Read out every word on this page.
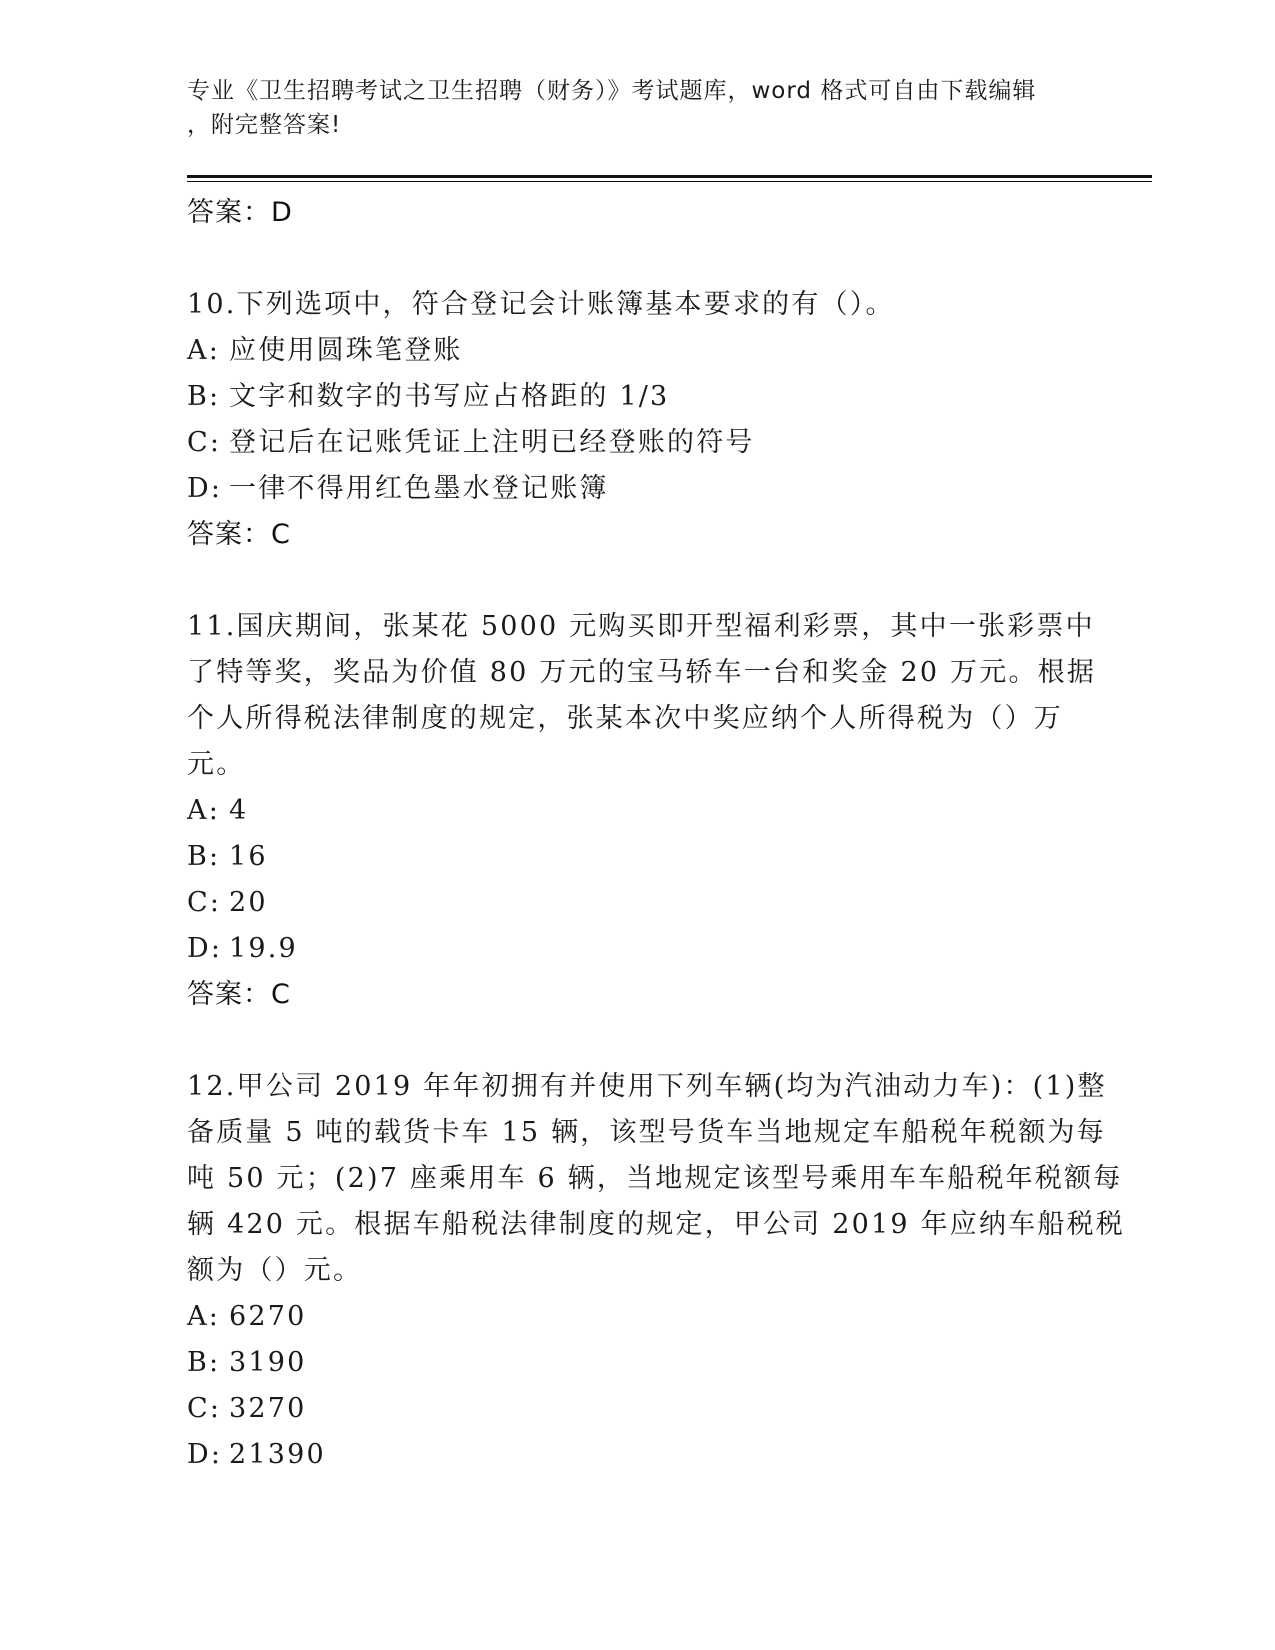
专业《卫生招聘考试之卫生招聘（财务）》考试题库，word 格式可自由下载编辑
，附完整答案!
答案：D
10.下列选项中，符合登记会计账簿基本要求的有（）。
A: 应使用圆珠笔登账
B: 文字和数字的书写应占格距的 1/3
C: 登记后在记账凭证上注明已经登账的符号
D: 一律不得用红色墨水登记账簿
答案：C
11.国庆期间，张某花 5000 元购买即开型福利彩票，其中一张彩票中
了特等奖，奖品为价值 80 万元的宝马轿车一台和奖金 20 万元。根据
个人所得税法律制度的规定，张某本次中奖应纳个人所得税为（）万
元。
A: 4
B: 16
C: 20
D: 19.9
答案：C
12.甲公司 2019 年年初拥有并使用下列车辆(均为汽油动力车)：(1)整
备质量 5 吨的载货卡车 15 辆，该型号货车当地规定车船税年税额为每
吨 50 元；(2)7 座乘用车 6 辆，当地规定该型号乘用车车船税年税额每
辆 420 元。根据车船税法律制度的规定，甲公司 2019 年应纳车船税税
额为（）元。
A: 6270
B: 3190
C: 3270
D: 21390
